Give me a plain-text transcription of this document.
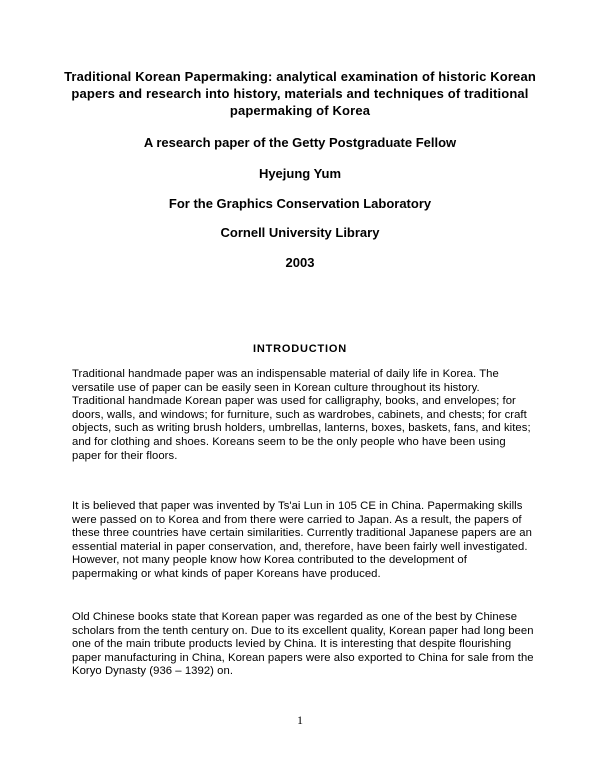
Traditional Korean Papermaking: analytical examination of historic Korean papers and research into history, materials and techniques of traditional papermaking of Korea
A research paper of the Getty Postgraduate Fellow
Hyejung Yum
For the Graphics Conservation Laboratory
Cornell University Library
2003
INTRODUCTION
Traditional handmade paper was an indispensable material of daily life in Korea. The versatile use of paper can be easily seen in Korean culture throughout its history. Traditional handmade Korean paper was used for calligraphy, books, and envelopes; for doors, walls, and windows; for furniture, such as wardrobes, cabinets, and chests; for craft objects, such as writing brush holders, umbrellas, lanterns, boxes, baskets, fans, and kites; and for clothing and shoes. Koreans seem to be the only people who have been using paper for their floors.
It is believed that paper was invented by Ts'ai Lun in 105 CE in China. Papermaking skills were passed on to Korea and from there were carried to Japan. As a result, the papers of these three countries have certain similarities. Currently traditional Japanese papers are an essential material in paper conservation, and, therefore, have been fairly well investigated. However, not many people know how Korea contributed to the development of papermaking or what kinds of paper Koreans have produced.
Old Chinese books state that Korean paper was regarded as one of the best by Chinese scholars from the tenth century on. Due to its excellent quality, Korean paper had long been one of the main tribute products levied by China. It is interesting that despite flourishing paper manufacturing in China, Korean papers were also exported to China for sale from the Koryo Dynasty (936 – 1392) on.
1
